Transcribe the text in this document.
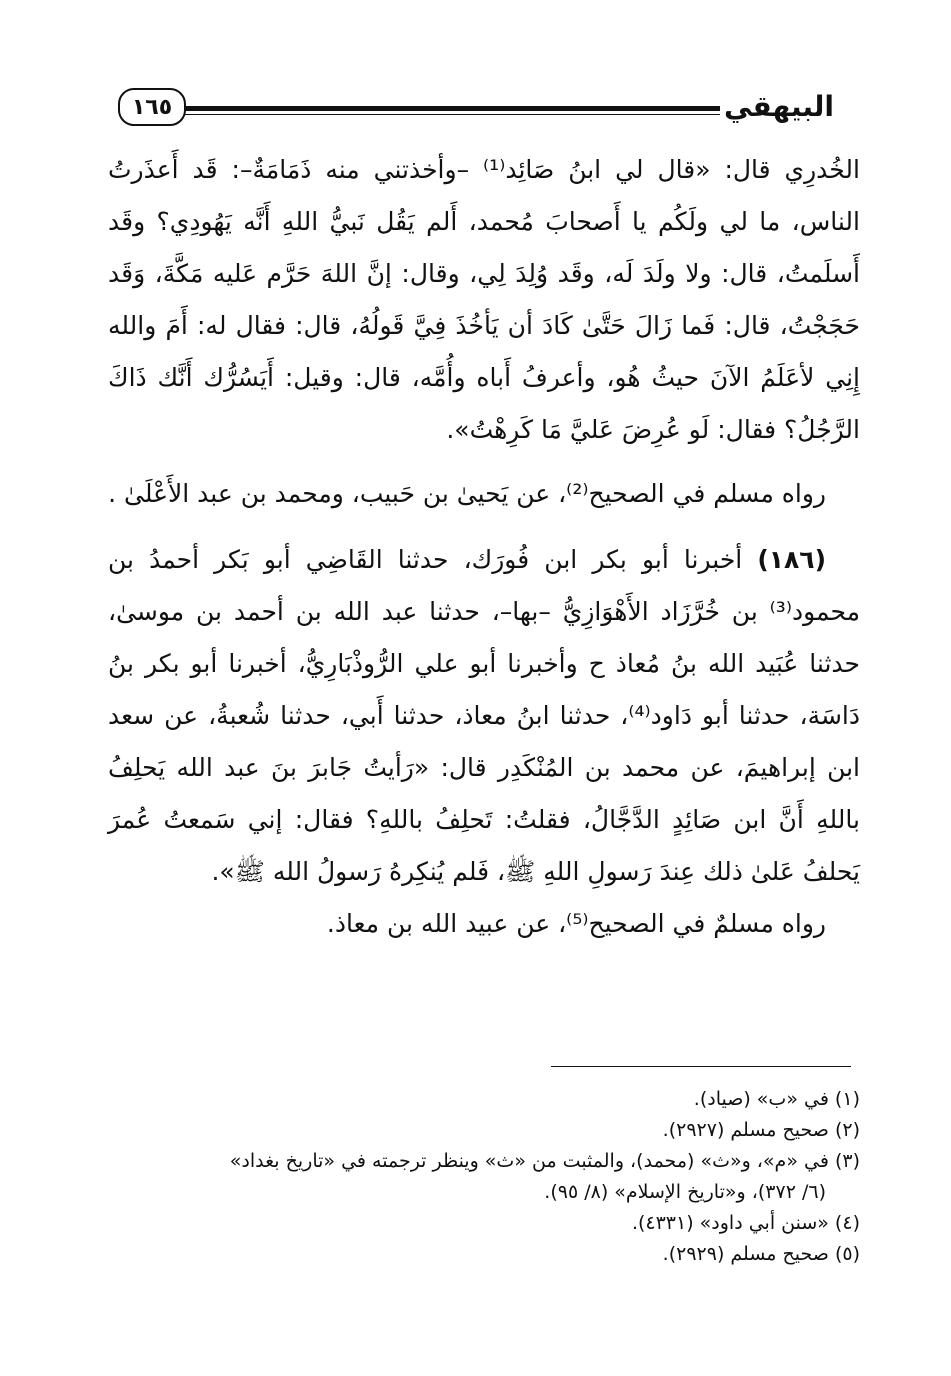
١٦٥	البيهقي

الخُدرِي قال: «قال لي ابنُ صَائِد⁽¹⁾ –وأخذتني منه ذَمَامَةٌ–: قَد أَعذَرتُ الناس، ما لي ولَكُم يا أَصحابَ مُحمد، أَلم يَقُل نَبيُّ اللهِ أَنَّه يَهُودِي؟ وقَد أَسلَمتُ، قال: ولا ولَدَ لَه، وقَد وُلِدَ لِي، وقال: إنَّ اللهَ حَرَّم عَليه مَكَّةَ، وَقَد حَجَجْتُ، قال: فَما زَالَ حَتَّىٰ كَادَ أن يَأخُذَ فِيَّ قَولُهُ، قال: فقال له: أَمَ والله إِنِي لأعَلَمُ الآنَ حيثُ هُو، وأعرفُ أَباه وأُمَّه، قال: وقيل: أَيَسُرُّك أَنَّك ذَاكَ الرَّجُلُ؟ فقال: لَو عُرِضَ عَليَّ مَا كَرِهْتُ».

رواه مسلم في الصحيح⁽²⁾، عن يَحيىٰ بن حَبيب، ومحمد بن عبد الأَعْلَىٰ .

(١٨٦) أخبرنا أبو بكر ابن فُورَك، حدثنا القَاضِي أبو بَكر أحمدُ بن محمود⁽³⁾ بن خُرَّزَاد الأَهْوَازِيُّ –بها–، حدثنا عبد الله بن أحمد بن موسىٰ، حدثنا عُبَيد الله بنُ مُعاذ ح وأخبرنا أبو علي الرُّوذْبَارِيُّ، أخبرنا أبو بكر بنُ دَاسَة، حدثنا أبو دَاود⁽⁴⁾، حدثنا ابنُ معاذ، حدثنا أَبي، حدثنا شُعبةُ، عن سعد ابن إبراهيمَ، عن محمد بن المُنْكَدِر قال: «رَأيتُ جَابرَ بنَ عبد الله يَحلِفُ باللهِ أَنَّ ابن صَائِدٍ الدَّجَّالُ، فقلتُ: تَحلِفُ باللهِ؟ فقال: إني سَمعتُ عُمرَ يَحلفُ عَلىٰ ذلك عِندَ رَسولِ اللهِ ﷺ، فَلم يُنكِرهُ رَسولُ الله ﷺ».

رواه مسلمٌ في الصحيح⁽⁵⁾، عن عبيد الله بن معاذ.

(١) في «ب» (صياد).

(٢) صحيح مسلم (٢٩٢٧).

(٣) في «م»، و«ث» (محمد)، والمثبت من «ث» وينظر ترجمته في «تاريخ بغداد»

(٦/ ٣٧٢)، و«تاريخ الإسلام» (٨/ ٩٥).

(٤) «سنن أبي داود» (٤٣٣١).

(٥) صحيح مسلم (٢٩٢٩).
